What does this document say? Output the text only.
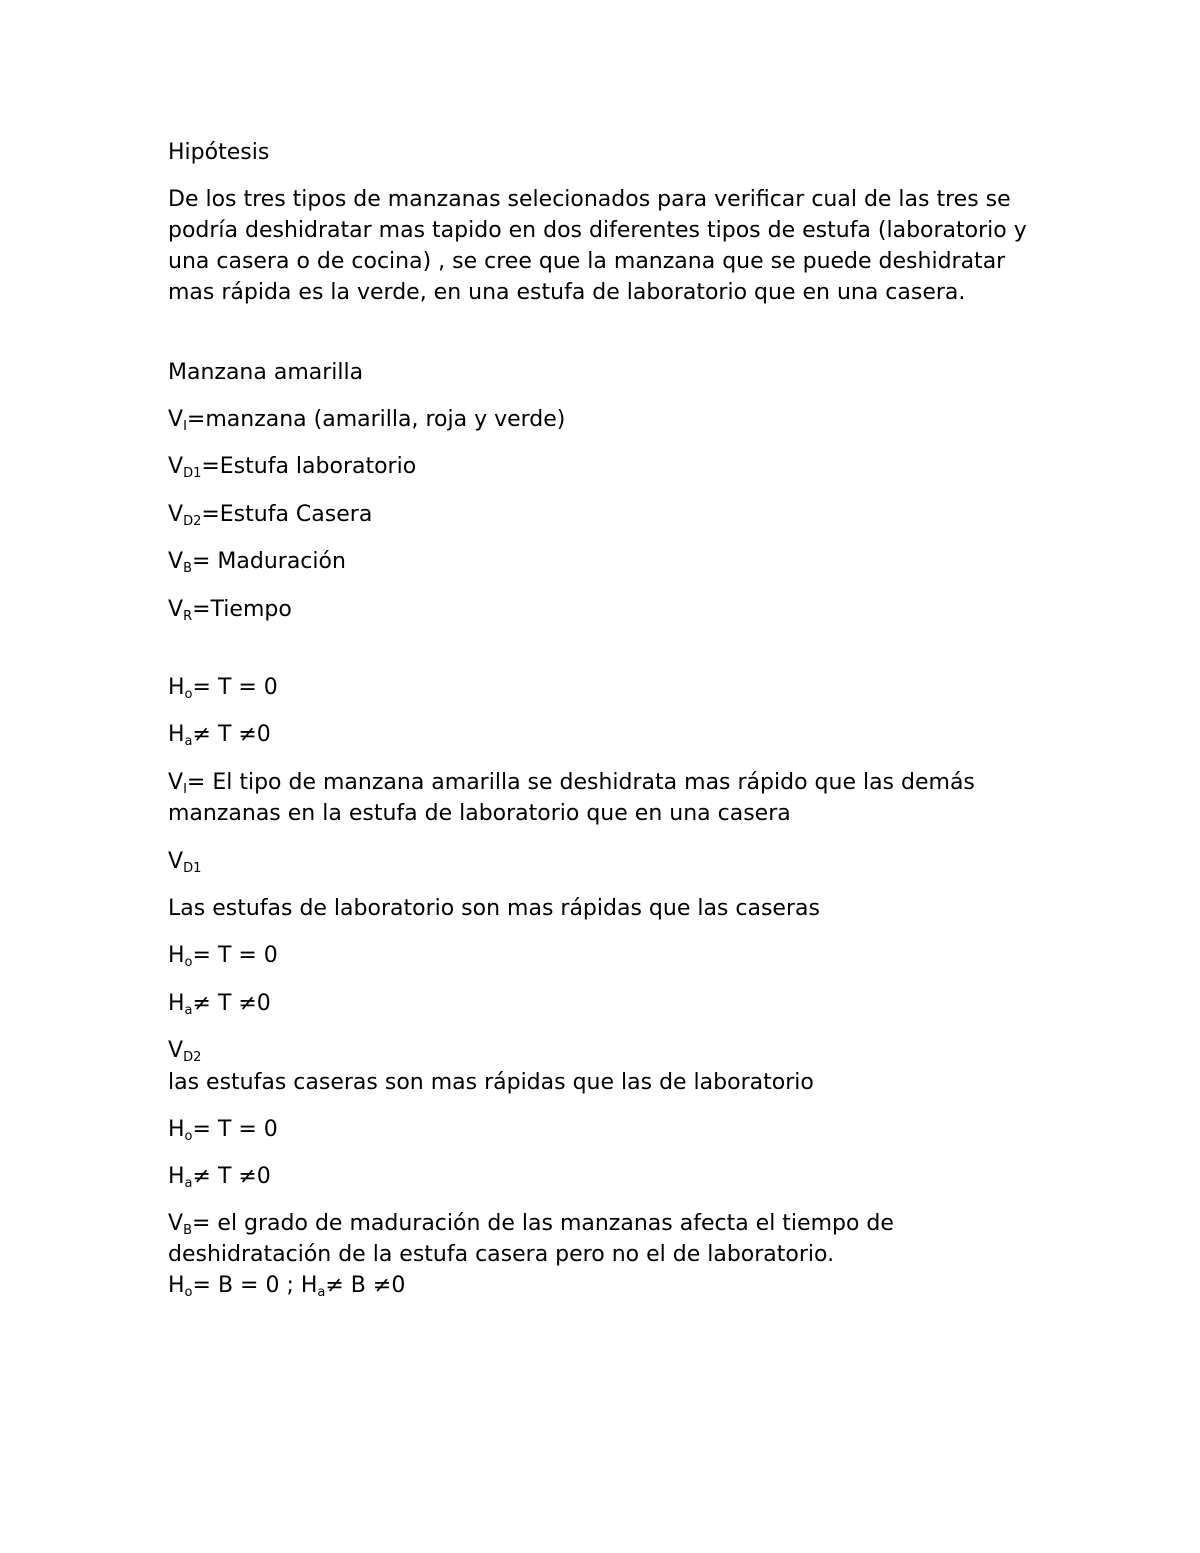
Hipótesis
De los tres tipos de manzanas selecionados para verificar cual de las tres se podría deshidratar mas tapido en dos diferentes tipos de estufa (laboratorio y una casera o de cocina) , se cree que la manzana que se puede deshidratar mas rápida es la verde, en una estufa de laboratorio que en una casera.
Manzana amarilla
$V_I=manzana$ (amarilla, roja y verde)
$V_{D1}=Estufa$ laboratorio
$V_{D2}=Estufa$ Casera
$V_B=$ Maduración
$V_R=Tiempo$
$H_o= T = 0$
$H_a\ne T \ne 0$
$V_I= El$ tipo de manzana amarilla se deshidrata mas rápido que las demás manzanas en la estufa de laboratorio que en una casera
$V_{D1}$
Las estufas de laboratorio son mas rápidas que las caseras
$H_o= T = 0$
$H_a\ne T \ne 0$
$V_{D2}$
las estufas caseras son mas rápidas que las de laboratorio
$H_o= T = 0$
$H_a\ne T \ne 0$
$V_B=$ el grado de maduración de las manzanas afecta el tiempo de deshidratación de la estufa casera pero no el de laboratorio.
$H_o= B = 0$ ; $H_a\ne B \ne 0$
